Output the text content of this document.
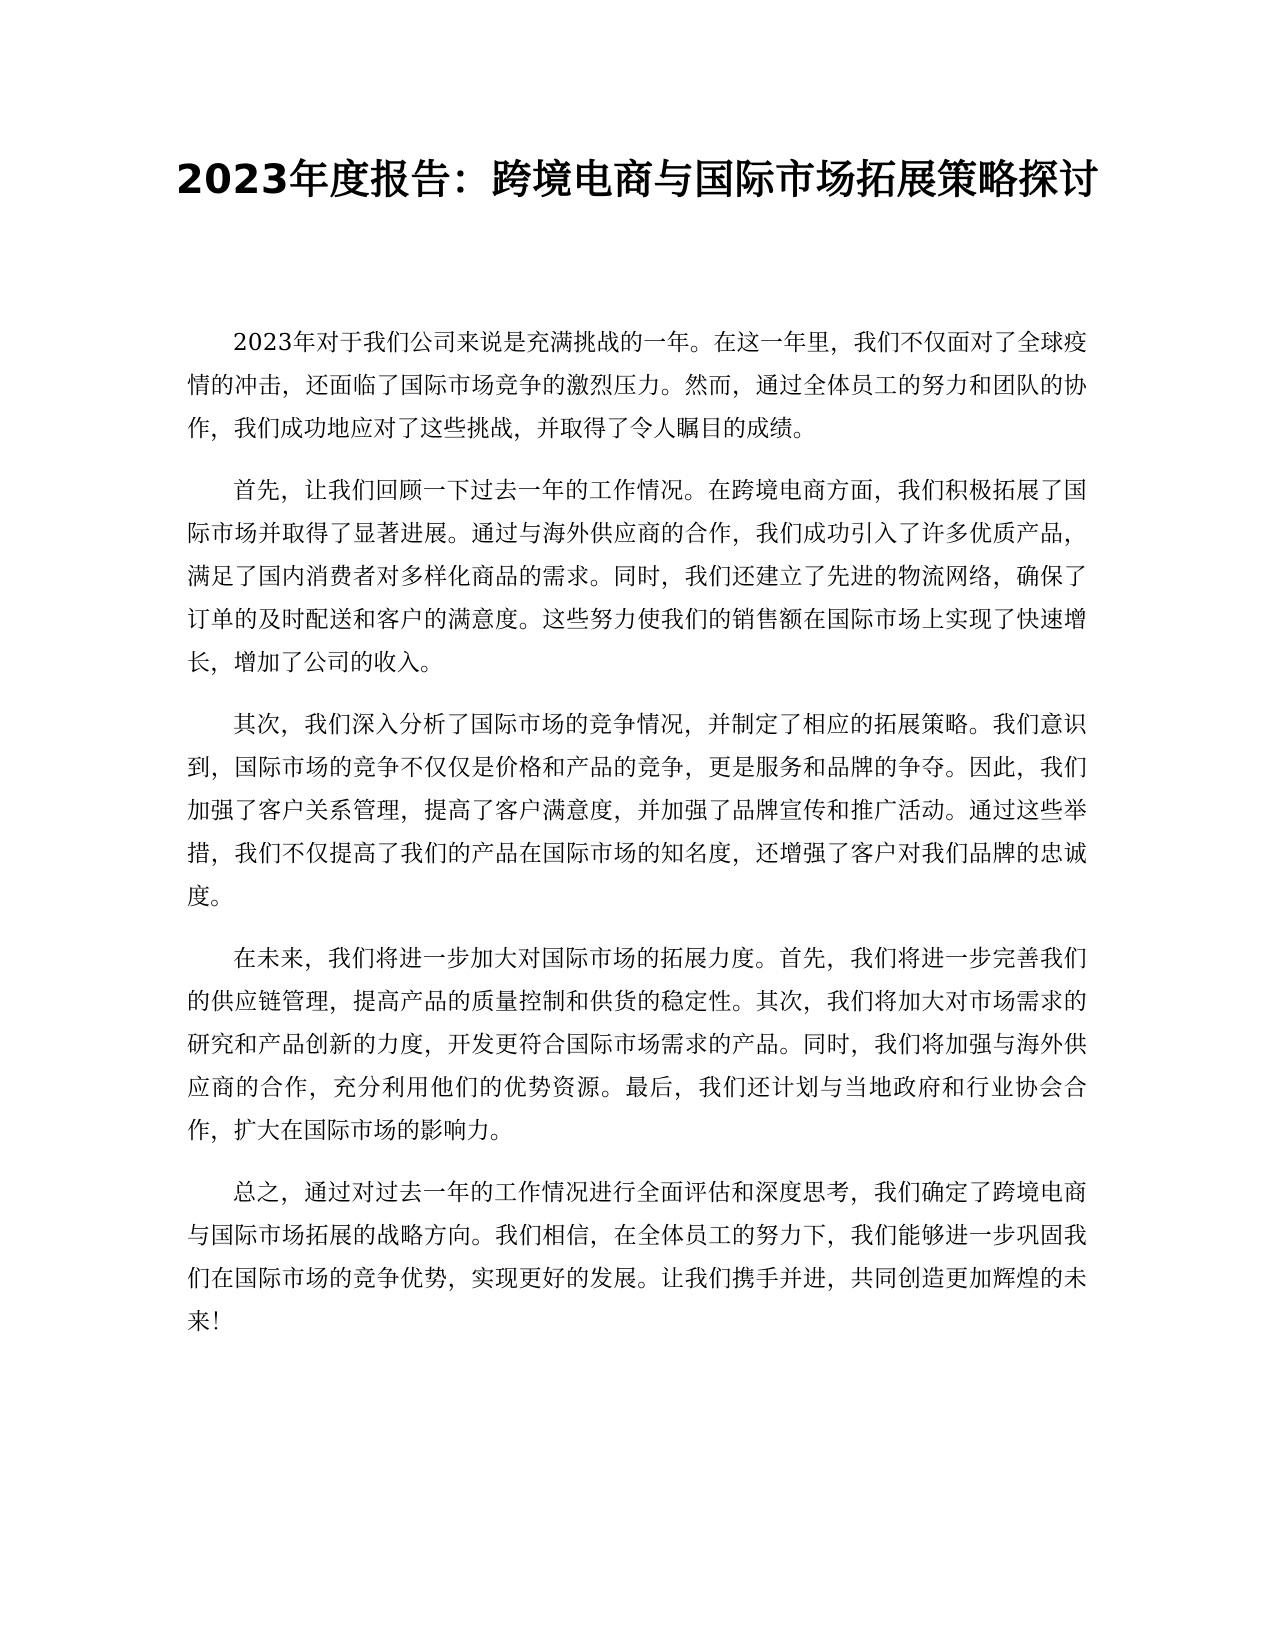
2023年度报告：跨境电商与国际市场拓展策略探讨

2023年对于我们公司来说是充满挑战的一年。在这一年里，我们不仅面对了全球疫情的冲击，还面临了国际市场竞争的激烈压力。然而，通过全体员工的努力和团队的协作，我们成功地应对了这些挑战，并取得了令人瞩目的成绩。

首先，让我们回顾一下过去一年的工作情况。在跨境电商方面，我们积极拓展了国际市场并取得了显著进展。通过与海外供应商的合作，我们成功引入了许多优质产品，满足了国内消费者对多样化商品的需求。同时，我们还建立了先进的物流网络，确保了订单的及时配送和客户的满意度。这些努力使我们的销售额在国际市场上实现了快速增长，增加了公司的收入。

其次，我们深入分析了国际市场的竞争情况，并制定了相应的拓展策略。我们意识到，国际市场的竞争不仅仅是价格和产品的竞争，更是服务和品牌的争夺。因此，我们加强了客户关系管理，提高了客户满意度，并加强了品牌宣传和推广活动。通过这些举措，我们不仅提高了我们的产品在国际市场的知名度，还增强了客户对我们品牌的忠诚度。

在未来，我们将进一步加大对国际市场的拓展力度。首先，我们将进一步完善我们的供应链管理，提高产品的质量控制和供货的稳定性。其次，我们将加大对市场需求的研究和产品创新的力度，开发更符合国际市场需求的产品。同时，我们将加强与海外供应商的合作，充分利用他们的优势资源。最后，我们还计划与当地政府和行业协会合作，扩大在国际市场的影响力。

总之，通过对过去一年的工作情况进行全面评估和深度思考，我们确定了跨境电商与国际市场拓展的战略方向。我们相信，在全体员工的努力下，我们能够进一步巩固我们在国际市场的竞争优势，实现更好的发展。让我们携手并进，共同创造更加辉煌的未来！
